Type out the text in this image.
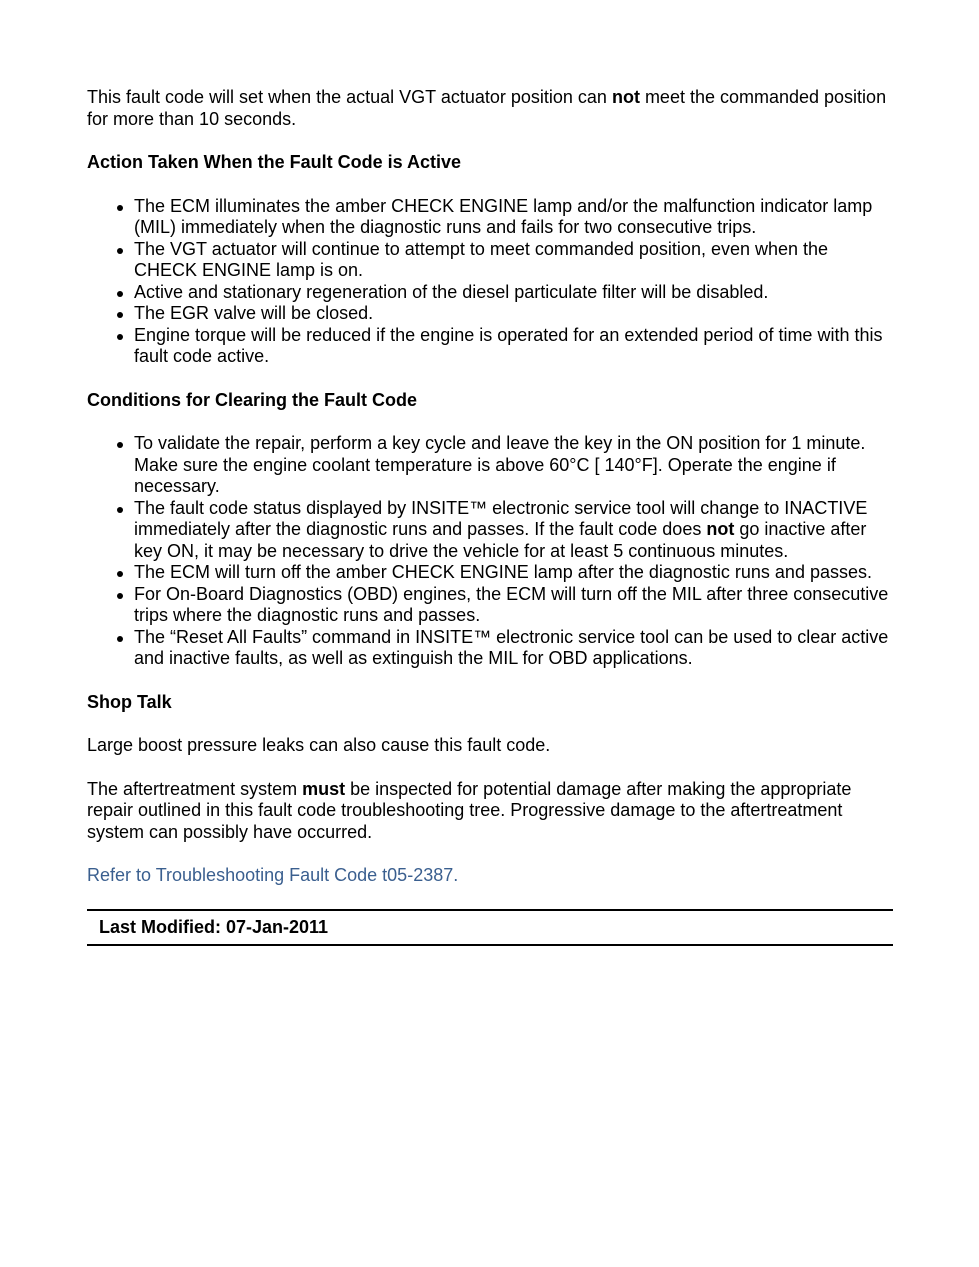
This fault code will set when the actual VGT actuator position can not meet the commanded position for more than 10 seconds.

Action Taken When the Fault Code is Active
The ECM illuminates the amber CHECK ENGINE lamp and/or the malfunction indicator lamp (MIL) immediately when the diagnostic runs and fails for two consecutive trips.
The VGT actuator will continue to attempt to meet commanded position, even when the CHECK ENGINE lamp is on.
Active and stationary regeneration of the diesel particulate filter will be disabled.
The EGR valve will be closed.
Engine torque will be reduced if the engine is operated for an extended period of time with this fault code active.
Conditions for Clearing the Fault Code
To validate the repair, perform a key cycle and leave the key in the ON position for 1 minute. Make sure the engine coolant temperature is above 60°C [ 140°F]. Operate the engine if necessary.
The fault code status displayed by INSITE™ electronic service tool will change to INACTIVE immediately after the diagnostic runs and passes. If the fault code does not go inactive after key ON, it may be necessary to drive the vehicle for at least 5 continuous minutes.
The ECM will turn off the amber CHECK ENGINE lamp after the diagnostic runs and passes.
For On-Board Diagnostics (OBD) engines, the ECM will turn off the MIL after three consecutive trips where the diagnostic runs and passes.
The “Reset All Faults” command in INSITE™ electronic service tool can be used to clear active and inactive faults, as well as extinguish the MIL for OBD applications.
Shop Talk

Large boost pressure leaks can also cause this fault code.

The aftertreatment system must be inspected for potential damage after making the appropriate repair outlined in this fault code troubleshooting tree. Progressive damage to the aftertreatment system can possibly have occurred.

Refer to Troubleshooting Fault Code t05-2387.

Last Modified: 07-Jan-2011
